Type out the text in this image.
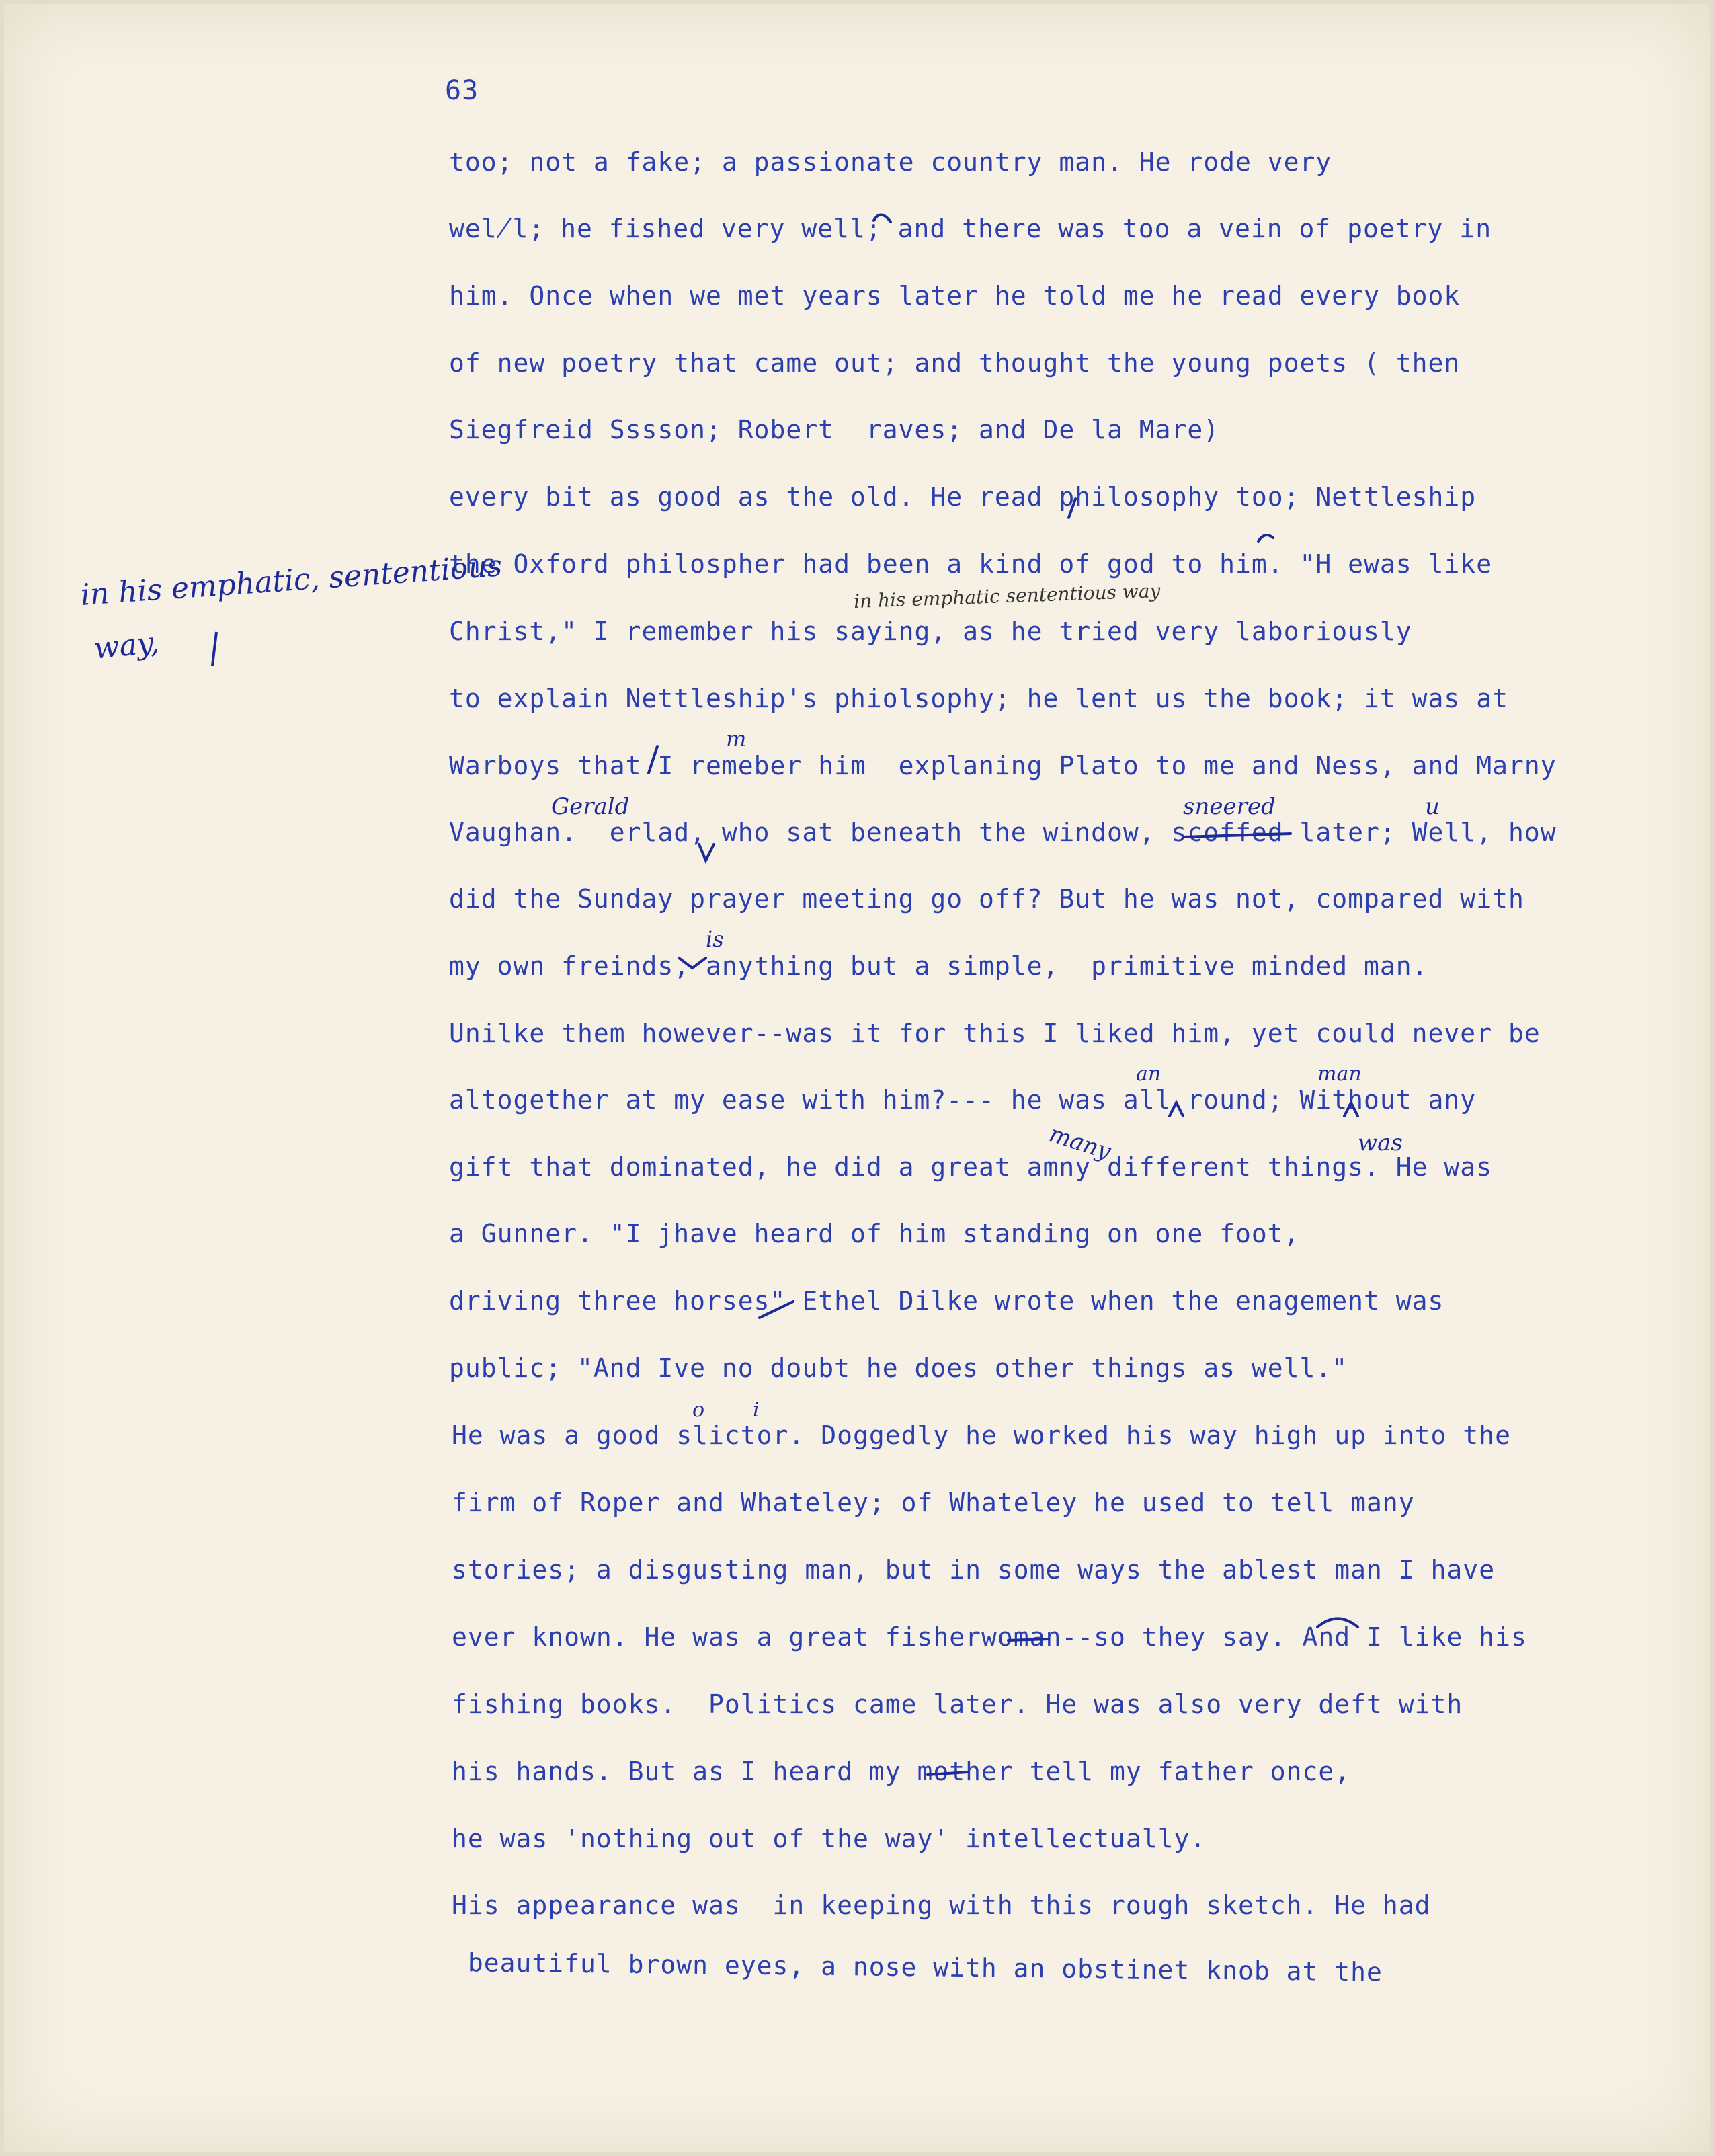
63
too; not a fake; a passionate country man. He rode very
wel̸l; he fished very well; and there was too a vein of poetry in
him. Once when we met years later he told me he read every book
of new poetry that came out; and thought the young poets ( then
Siegfreid Sssson; Robert  raves; and De la Mare)
every bit as good as the old. He read philosophy too; Nettleship
the Oxford philospher had been a kind of god to him. "H ewas like
Christ," I remember his saying, as he tried very laboriously
to explain Nettleship's phiolsophy; he lent us the book; it was at
Warboys that I remeber him  explaning Plato to me and Ness, and Marny
Vaughan.  erlad, who sat beneath the window, scoffed later; Well, how
did the Sunday prayer meeting go off? But he was not, compared with
my own freinds, anything but a simple,  primitive minded man.
Unilke them however--was it for this I liked him, yet could never be
altogether at my ease with him?--- he was all round; Without any
gift that dominated, he did a great amny different things. He was
a Gunner. "I jhave heard of him standing on one foot,
driving three horses" Ethel Dilke wrote when the enagement was
public; "And Ive no doubt he does other things as well."
He was a good slictor. Doggedly he worked his way high up into the
firm of Roper and Whateley; of Whateley he used to tell many
stories; a disgusting man, but in some ways the ablest man I have
ever known. He was a great fisherwoman--so they say. And I like his
fishing books.  Politics came later. He was also very deft with
his hands. But as I heard my mother tell my father once,
he was 'nothing out of the way' intellectually.
His appearance was  in keeping with this rough sketch. He had
beautiful brown eyes, a nose with an obstinet knob at the
in his emphatic, sententious
way,
in his emphatic sententious way
Gerald	sneered	u
is
an	man
many	was
m
o i
